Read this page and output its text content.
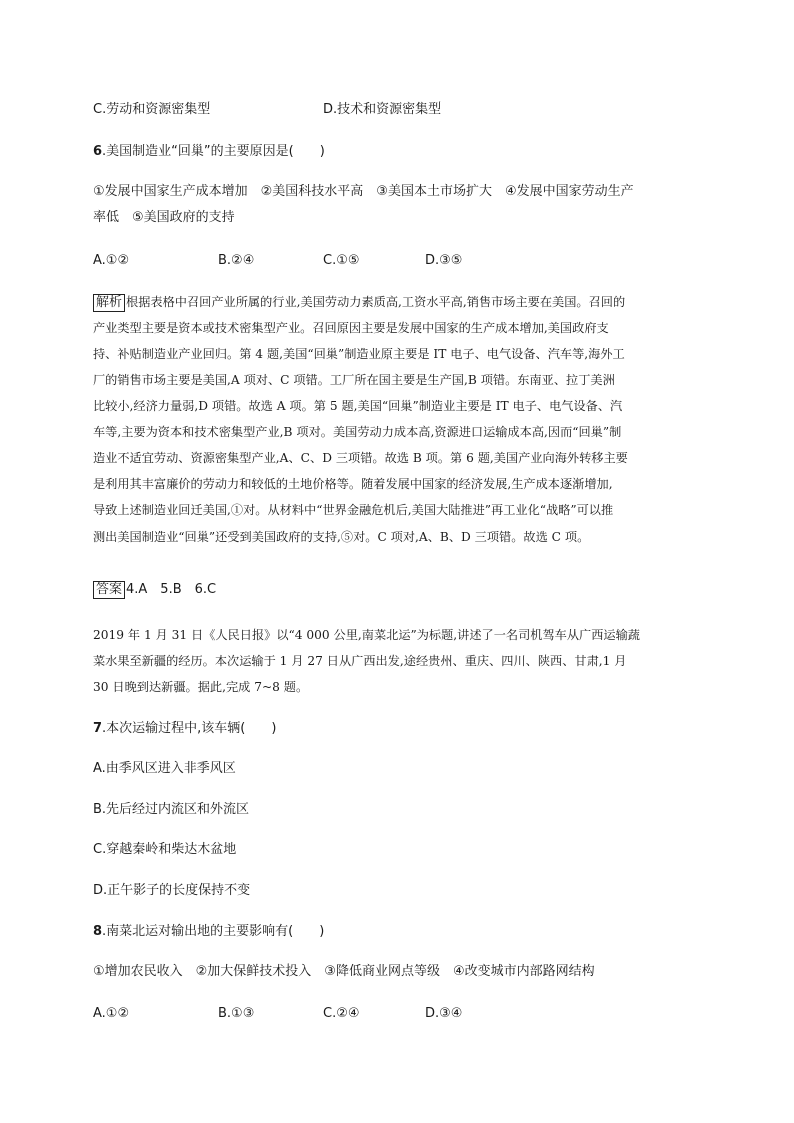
C.劳动和资源密集型	D.技术和资源密集型
6.美国制造业“回巢”的主要原因是(　　)
①发展中国家生产成本增加　②美国科技水平高　③美国本土市场扩大　④发展中国家劳动生产
率低　⑤美国政府的支持
A.①②	B.②④	C.①⑤	D.③⑤
解析 根据表格中召回产业所属的行业,美国劳动力素质高,工资水平高,销售市场主要在美国。召回的
产业类型主要是资本或技术密集型产业。召回原因主要是发展中国家的生产成本增加,美国政府支
持、补贴制造业产业回归。第 4 题,美国“回巢”制造业原主要是 IT 电子、电气设备、汽车等,海外工
厂的销售市场主要是美国,A 项对、C 项错。工厂所在国主要是生产国,B 项错。东南亚、拉丁美洲
比较小,经济力量弱,D 项错。故选 A 项。第 5 题,美国“回巢”制造业主要是 IT 电子、电气设备、汽
车等,主要为资本和技术密集型产业,B 项对。美国劳动力成本高,资源进口运输成本高,因而“回巢”制
造业不适宜劳动、资源密集型产业,A、C、D 三项错。故选 B 项。第 6 题,美国产业向海外转移主要
是利用其丰富廉价的劳动力和较低的土地价格等。随着发展中国家的经济发展,生产成本逐渐增加,
导致上述制造业回迁美国,①对。从材料中“世界金融危机后,美国大陆推进”再工业化“战略”可以推
测出美国制造业“回巢”还受到美国政府的支持,⑤对。C 项对,A、B、D 三项错。故选 C 项。
答案 4.A　5.B　6.C
2019 年 1 月 31 日《人民日报》以“4 000 公里,南菜北运”为标题,讲述了一名司机驾车从广西运输蔬
菜水果至新疆的经历。本次运输于 1 月 27 日从广西出发,途经贵州、重庆、四川、陕西、甘肃,1 月
30 日晚到达新疆。据此,完成 7~8 题。
7.本次运输过程中,该车辆(　　)
A.由季风区进入非季风区
B.先后经过内流区和外流区
C.穿越秦岭和柴达木盆地
D.正午影子的长度保持不变
8.南菜北运对输出地的主要影响有(　　)
①增加农民收入　②加大保鲜技术投入　③降低商业网点等级　④改变城市内部路网结构
A.①②	B.①③	C.②④	D.③④
